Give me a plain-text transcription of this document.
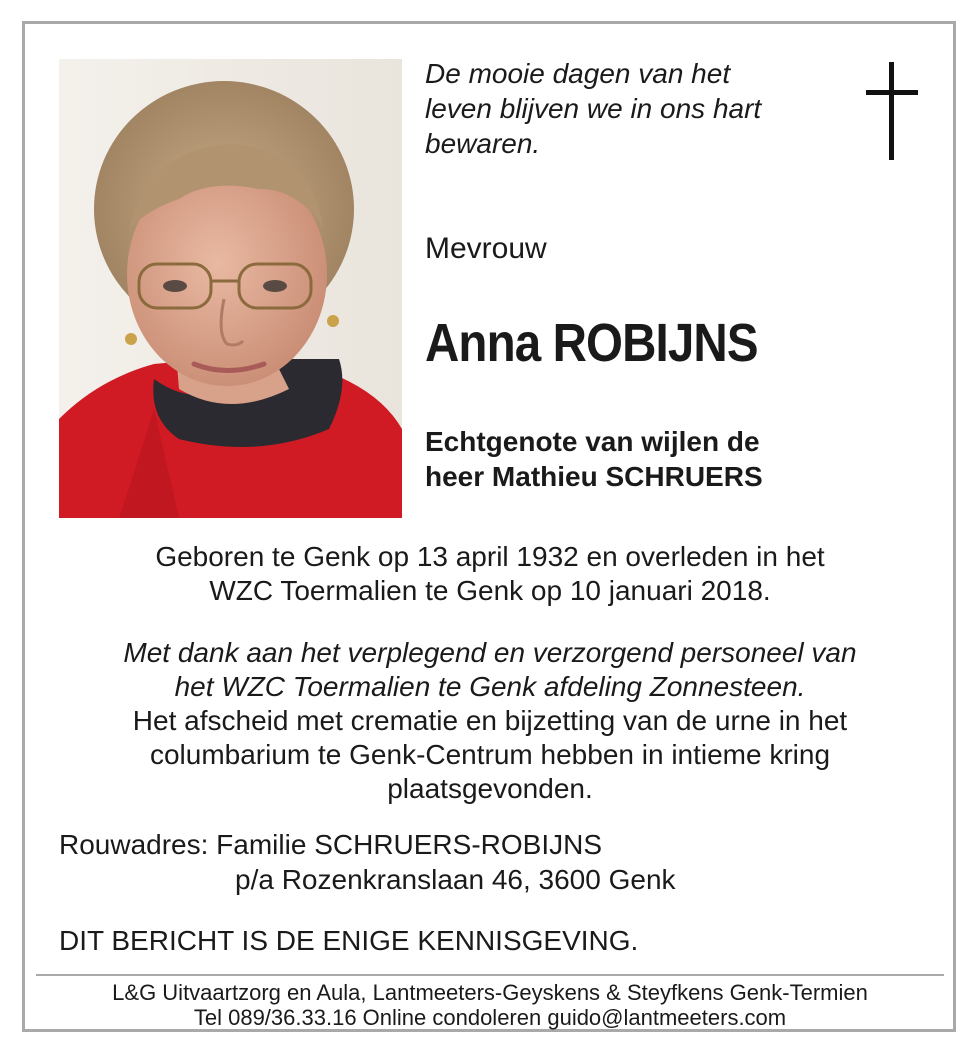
De mooie dagen van het
leven blijven we in ons hart
bewaren.
Mevrouw
Anna ROBIJNS
Echtgenote van wijlen de
heer Mathieu SCHRUERS
Geboren te Genk op 13 april 1932 en overleden in het
WZC Toermalien te Genk op 10 januari 2018.
Met dank aan het verplegend en verzorgend personeel van
het WZC Toermalien te Genk afdeling Zonnesteen.
Het afscheid met crematie en bijzetting van de urne in het
columbarium te Genk-Centrum hebben in intieme kring
plaatsgevonden.
Rouwadres: Familie SCHRUERS-ROBIJNS
p/a Rozenkranslaan 46, 3600 Genk
DIT BERICHT IS DE ENIGE KENNISGEVING.
L&G Uitvaartzorg en Aula, Lantmeeters-Geyskens & Steyfkens Genk-Termien
Tel 089/36.33.16 Online condoleren guido@lantmeeters.com
